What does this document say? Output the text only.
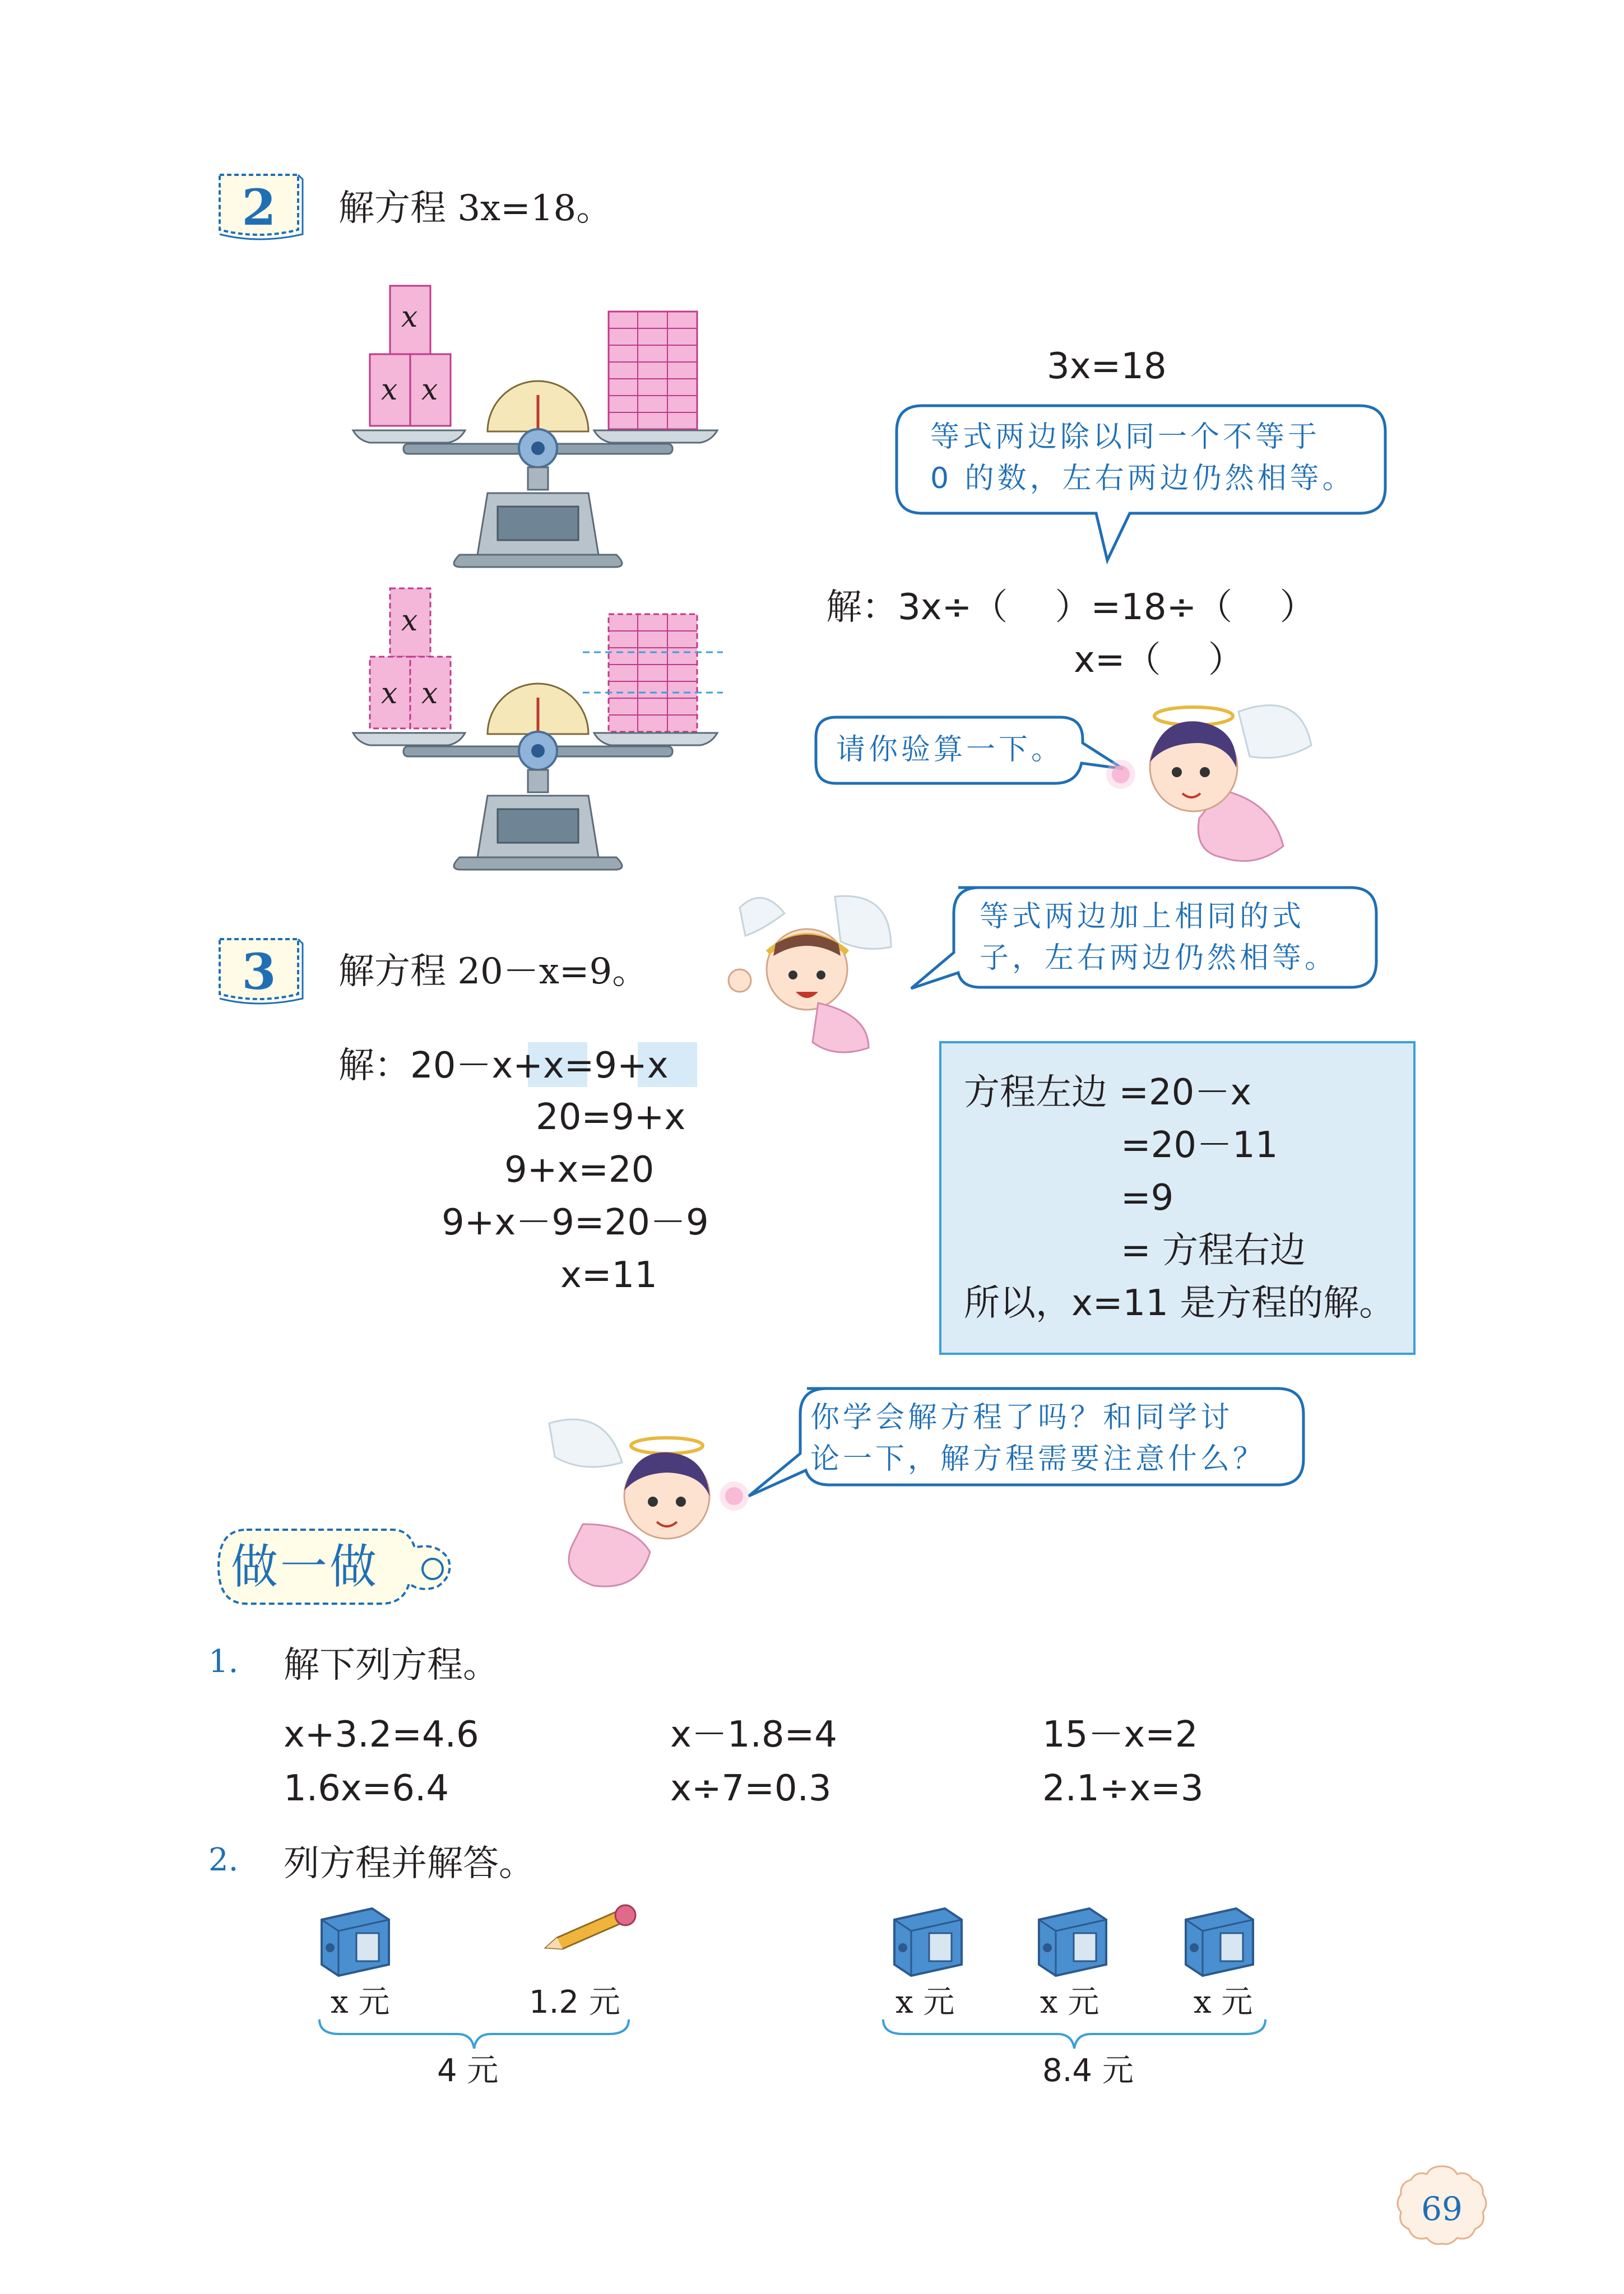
2	解方程 3x=18。
x
x x
x
x x
3x=18
等式两边除以同一个不等于
0 的数，左右两边仍然相等。
解：3x÷（　 ）=18÷（　 ）
x=（　 ）
请你验算一下。
3	解方程 20－x=9。
等式两边加上相同的式
子，左右两边仍然相等。
解：20－x+x=9+x
20=9+x
9+x=20
9+x－9=20－9
x=11
方程左边 =20－x
=20－11
=9
= 方程右边
所以，x=11 是方程的解。
你学会解方程了吗？和同学讨
论一下，解方程需要注意什么？
做一做
1. 解下列方程。
x+3.2=4.6	x－1.8=4	15－x=2
1.6x=6.4	x÷7=0.3	2.1÷x=3
2. 列方程并解答。
x 元	1.2 元
4 元
x 元	x 元	x 元
8.4 元
69
